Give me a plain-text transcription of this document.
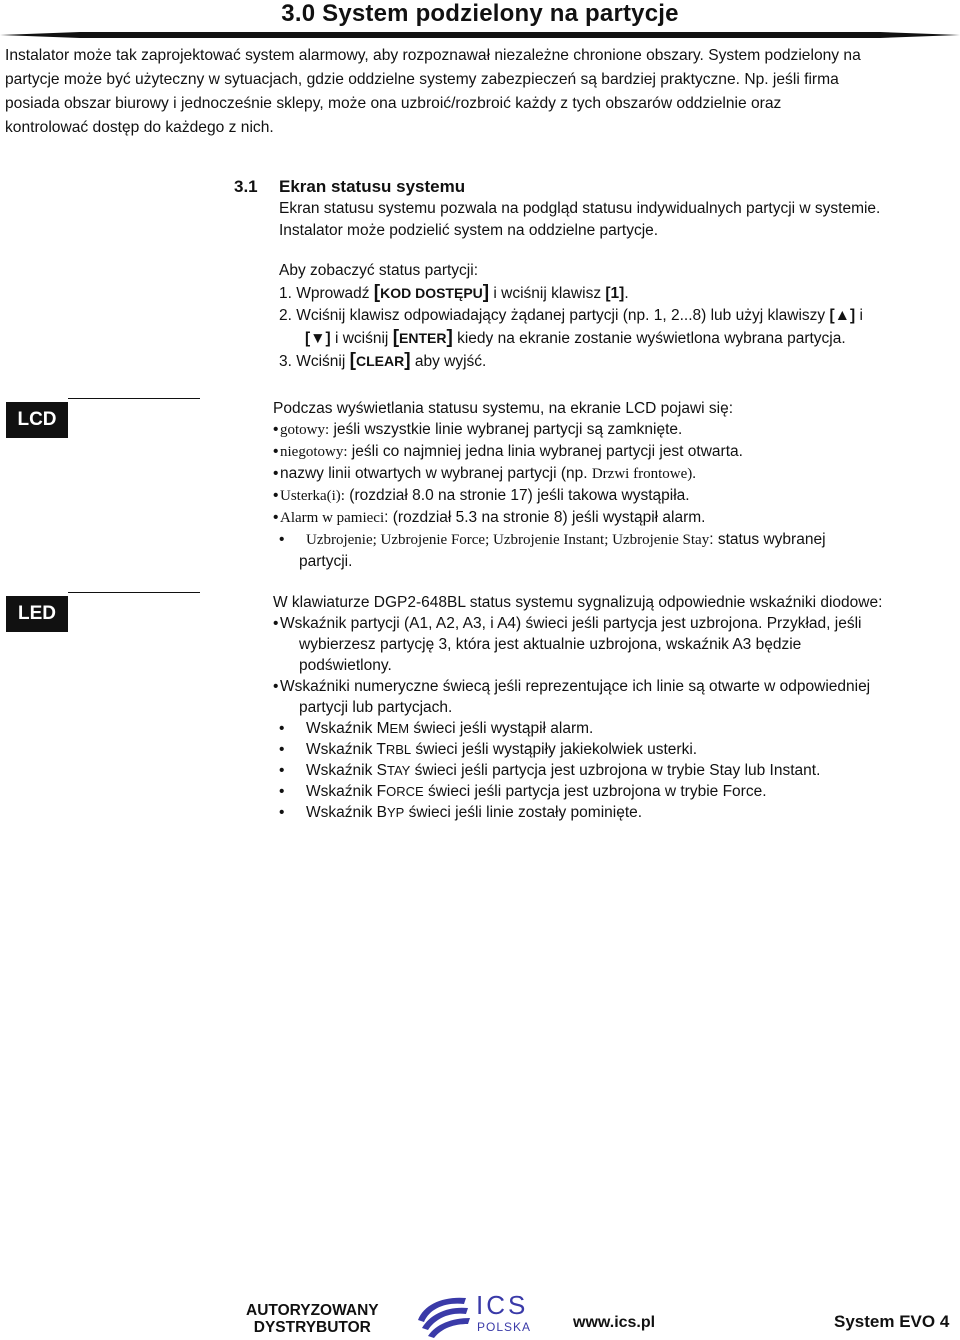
3.0 System podzielony na partycje
Instalator może tak zaprojektować system alarmowy, aby rozpoznawał niezależne chronione obszary. System podzielony na
partycje może być użyteczny w sytuacjach, gdzie oddzielne systemy zabezpieczeń są bardziej praktyczne. Np. jeśli firma
posiada obszar biurowy i jednocześnie sklepy, może ona uzbroić/rozbroić każdy z tych obszarów oddzielnie oraz
kontrolować dostęp do każdego z nich.
3.1 Ekran statusu systemu
Ekran statusu systemu pozwala na podgląd statusu indywidualnych partycji w systemie.
Instalator może podzielić system na oddzielne partycje.
Aby zobaczyć status partycji:
1. Wprowadź [KOD DOSTĘPU] i wciśnij klawisz [1].
2. Wciśnij klawisz odpowiadający żądanej partycji (np. 1, 2...8) lub użyj klawiszy [▲] i
[▼] i wciśnij [ENTER] kiedy na ekranie zostanie wyświetlona wybrana partycja.
3. Wciśnij [CLEAR] aby wyjść.
LCD
Podczas wyświetlania statusu systemu, na ekranie LCD pojawi się:
• gotowy: jeśli wszystkie linie wybranej partycji są zamknięte.
• niegotowy: jeśli co najmniej jedna linia wybranej partycji jest otwarta.
• nazwy linii otwartych w wybranej partycji (np. Drzwi frontowe).
• Usterka(i): (rozdział 8.0 na stronie 17) jeśli takowa wystąpiła.
• Alarm w pamieci: (rozdział 5.3 na stronie 8) jeśli wystąpił alarm.
• Uzbrojenie; Uzbrojenie Force; Uzbrojenie Instant; Uzbrojenie Stay: status wybranej
partycji.
LED
W klawiaturze DGP2-648BL status systemu sygnalizują odpowiednie wskaźniki diodowe:
• Wskaźnik partycji (A1, A2, A3, i A4) świeci jeśli partycja jest uzbrojona. Przykład, jeśli
wybierzesz partycję 3, która jest aktualnie uzbrojona, wskaźnik A3 będzie
podświetlony.
• Wskaźniki numeryczne świecą jeśli reprezentujące ich linie są otwarte w odpowiedniej
partycji lub partycjach.
• Wskaźnik MEM świeci jeśli wystąpił alarm.
• Wskaźnik TRBL świeci jeśli wystąpiły jakiekolwiek usterki.
• Wskaźnik STAY świeci jeśli partycja jest uzbrojona w trybie Stay lub Instant.
• Wskaźnik FORCE świeci jeśli partycja jest uzbrojona w trybie Force.
• Wskaźnik BYP świeci jeśli linie zostały pominięte.
AUTORYZOWANY
DYSTRYBUTOR
ICS
POLSKA	www.ics.pl	System EVO 4
